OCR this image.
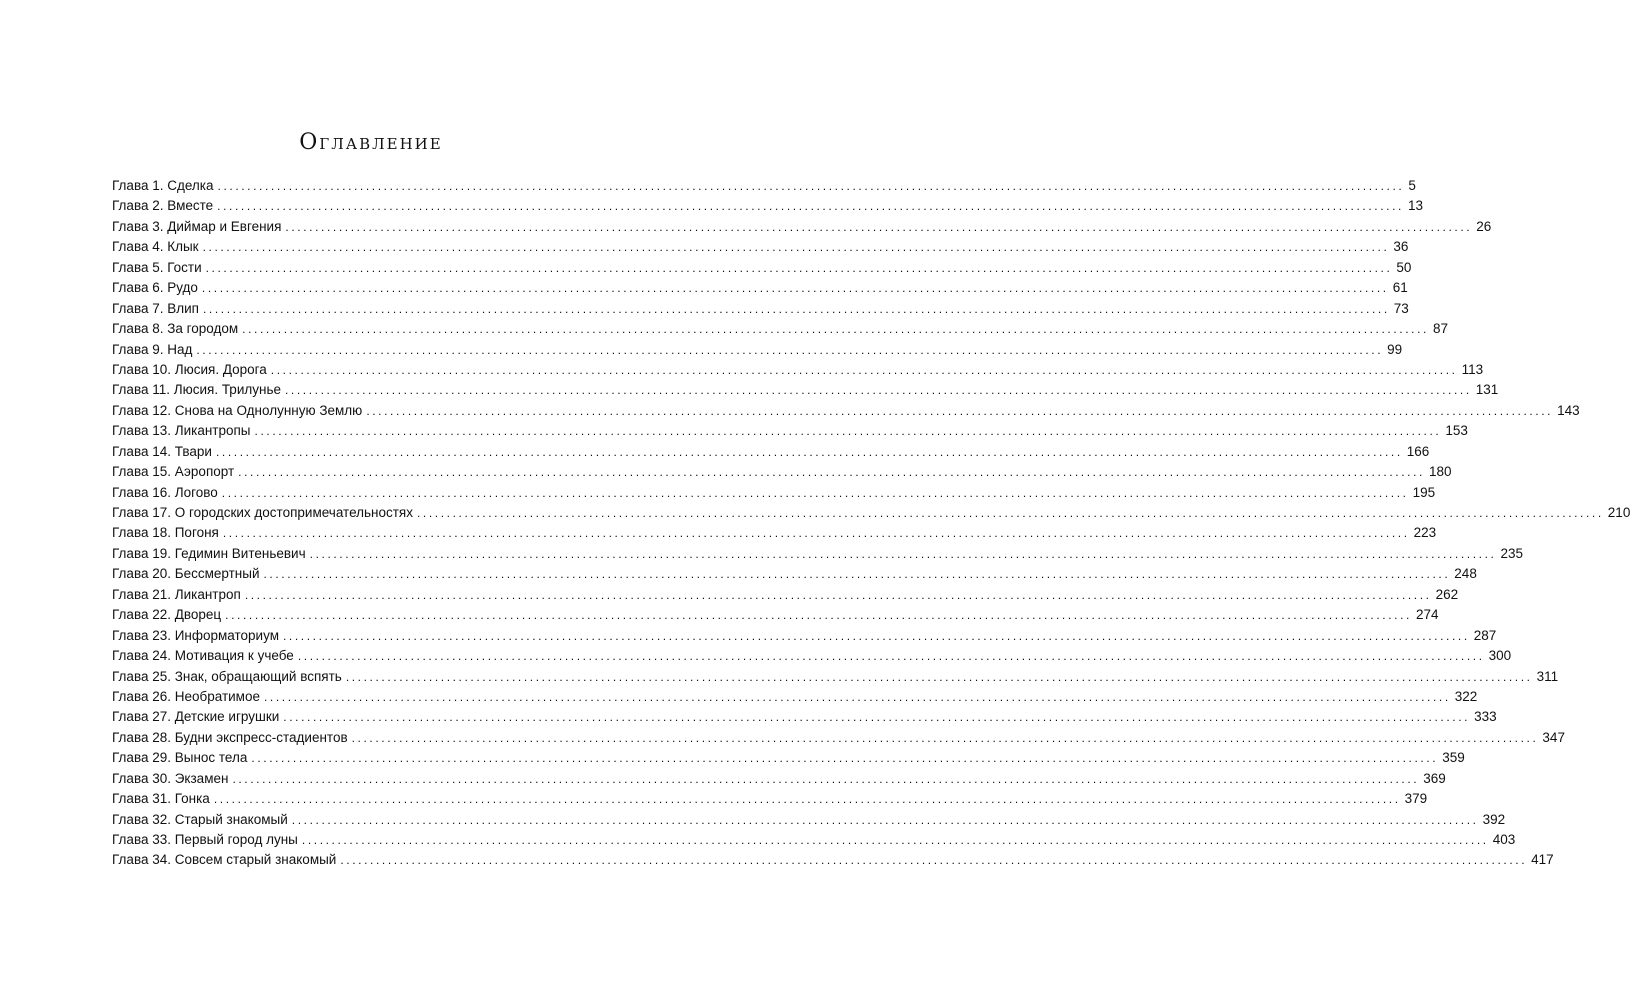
Оглавление
Глава 1. Сделка ........................................................................................................................................................................................................ 5
Глава 2. Вместе ........................................................................................................................................................................................................ 13
Глава 3. Диймар и Евгения ........................................................................................................................................................................................................ 26
Глава 4. Клык ........................................................................................................................................................................................................ 36
Глава 5. Гости ........................................................................................................................................................................................................ 50
Глава 6. Рудо ........................................................................................................................................................................................................ 61
Глава 7. Влип ........................................................................................................................................................................................................ 73
Глава 8. За городом ........................................................................................................................................................................................................ 87
Глава 9. Над ........................................................................................................................................................................................................ 99
Глава 10. Люсия. Дорога ........................................................................................................................................................................................................ 113
Глава 11. Люсия. Трилунье ........................................................................................................................................................................................................ 131
Глава 12. Снова на Однолунную Землю ........................................................................................................................................................................................................ 143
Глава 13. Ликантропы ........................................................................................................................................................................................................ 153
Глава 14. Твари ........................................................................................................................................................................................................ 166
Глава 15. Аэропорт ........................................................................................................................................................................................................ 180
Глава 16. Логово ........................................................................................................................................................................................................ 195
Глава 17. О городских достопримечательностях ........................................................................................................................................................................................................ 210
Глава 18. Погоня ........................................................................................................................................................................................................ 223
Глава 19. Гедимин Витеньевич ........................................................................................................................................................................................................ 235
Глава 20. Бессмертный ........................................................................................................................................................................................................ 248
Глава 21. Ликантроп ........................................................................................................................................................................................................ 262
Глава 22. Дворец ........................................................................................................................................................................................................ 274
Глава 23. Информаториум ........................................................................................................................................................................................................ 287
Глава 24. Мотивация к учебе ........................................................................................................................................................................................................ 300
Глава 25. Знак, обращающий вспять ........................................................................................................................................................................................................ 311
Глава 26. Необратимое ........................................................................................................................................................................................................ 322
Глава 27. Детские игрушки ........................................................................................................................................................................................................ 333
Глава 28. Будни экспресс-стадиентов ........................................................................................................................................................................................................ 347
Глава 29. Вынос тела ........................................................................................................................................................................................................ 359
Глава 30. Экзамен ........................................................................................................................................................................................................ 369
Глава 31. Гонка ........................................................................................................................................................................................................ 379
Глава 32. Старый знакомый ........................................................................................................................................................................................................ 392
Глава 33. Первый город луны ........................................................................................................................................................................................................ 403
Глава 34. Совсем старый знакомый ........................................................................................................................................................................................................ 417
